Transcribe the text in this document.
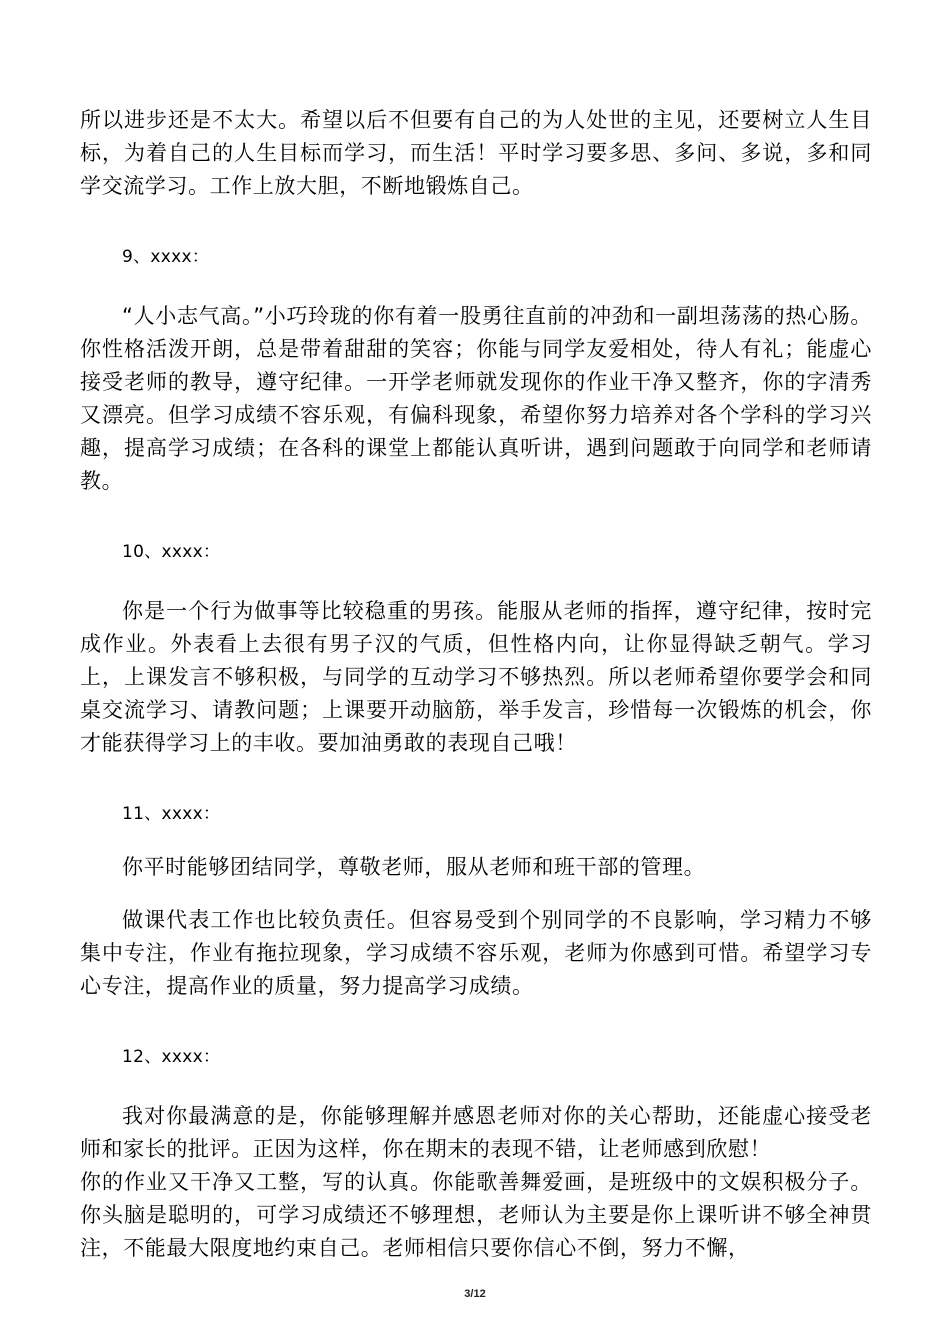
所以进步还是不太大。希望以后不但要有自己的为人处世的主见，还要树立人生目标，为着自己的人生目标而学习，而生活！平时学习要多思、多问、多说，多和同学交流学习。工作上放大胆，不断地锻炼自己。

9、xxxx：

“人小志气高。”小巧玲珑的你有着一股勇往直前的冲劲和一副坦荡荡的热心肠。你性格活泼开朗，总是带着甜甜的笑容；你能与同学友爱相处，待人有礼；能虚心接受老师的教导，遵守纪律。一开学老师就发现你的作业干净又整齐，你的字清秀又漂亮。但学习成绩不容乐观，有偏科现象，希望你努力培养对各个学科的学习兴趣，提高学习成绩；在各科的课堂上都能认真听讲，遇到问题敢于向同学和老师请教。

10、xxxx：

你是一个行为做事等比较稳重的男孩。能服从老师的指挥，遵守纪律，按时完成作业。外表看上去很有男子汉的气质，但性格内向，让你显得缺乏朝气。学习上，上课发言不够积极，与同学的互动学习不够热烈。所以老师希望你要学会和同桌交流学习、请教问题；上课要开动脑筋，举手发言，珍惜每一次锻炼的机会，你才能获得学习上的丰收。要加油勇敢的表现自己哦！

11、xxxx：

你平时能够团结同学，尊敬老师，服从老师和班干部的管理。

做课代表工作也比较负责任。但容易受到个别同学的不良影响，学习精力不够集中专注，作业有拖拉现象，学习成绩不容乐观，老师为你感到可惜。希望学习专心专注，提高作业的质量，努力提高学习成绩。

12、xxxx：

我对你最满意的是，你能够理解并感恩老师对你的关心帮助，还能虚心接受老师和家长的批评。正因为这样，你在期末的表现不错，让老师感到欣慰！

你的作业又干净又工整，写的认真。你能歌善舞爱画，是班级中的文娱积极分子。你头脑是聪明的，可学习成绩还不够理想，老师认为主要是你上课听讲不够全神贯注，不能最大限度地约束自己。老师相信只要你信心不倒，努力不懈，

3/12
